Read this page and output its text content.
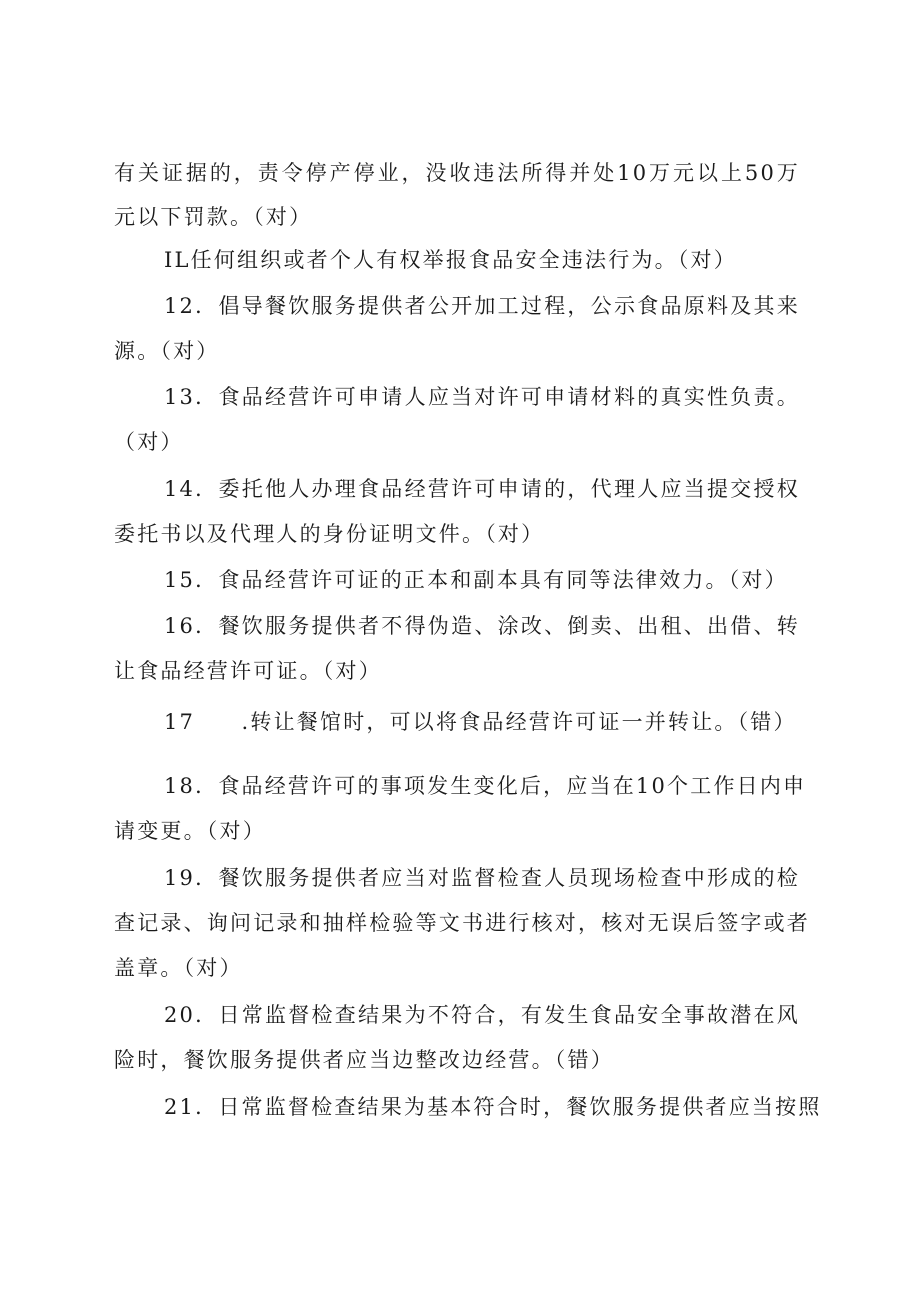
有关证据的，责令停产停业，没收违法所得并处10万元以上50万
元以下罚款。（对）
IL任何组织或者个人有权举报食品安全违法行为。（对）
12．倡导餐饮服务提供者公开加工过程，公示食品原料及其来
源。（对）
13．食品经营许可申请人应当对许可申请材料的真实性负责。
（对）
14．委托他人办理食品经营许可申请的，代理人应当提交授权
委托书以及代理人的身份证明文件。（对）
15．食品经营许可证的正本和副本具有同等法律效力。（对）
16．餐饮服务提供者不得伪造、涂改、倒卖、出租、出借、转
让食品经营许可证。（对）
17　　.转让餐馆时，可以将食品经营许可证一并转让。（错）
18．食品经营许可的事项发生变化后，应当在10个工作日内申
请变更。（对）
19．餐饮服务提供者应当对监督检查人员现场检查中形成的检
查记录、询问记录和抽样检验等文书进行核对，核对无误后签字或者
盖章。（对）
20．日常监督检查结果为不符合，有发生食品安全事故潜在风
险时，餐饮服务提供者应当边整改边经营。（错）
21．日常监督检查结果为基本符合时，餐饮服务提供者应当按照
